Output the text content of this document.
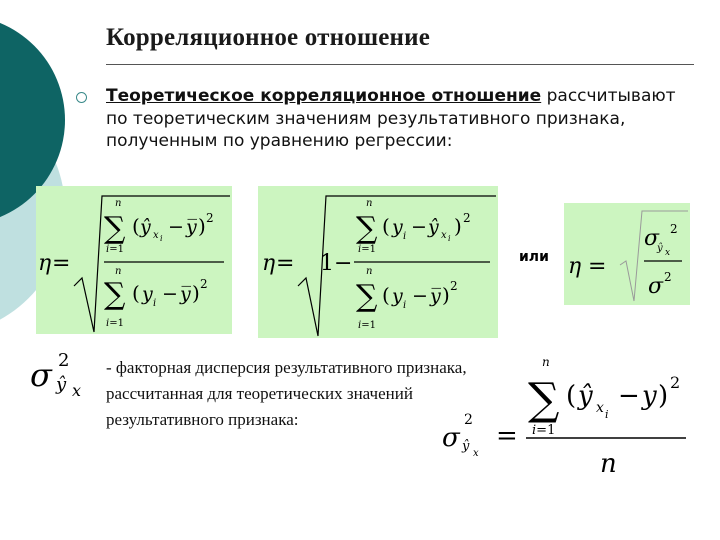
Корреляционное отношение
Теоретическое корреляционное отношение рассчитывают по теоретическим значениям результативного признака, полученным по уравнению регрессии:
η =
n
∑
i=1
( ŷ x i
− y̅ ) 2
n
∑
i=1
( y i − y̅ ) 2
η = 1 −
n
∑
i=1
( y i − ŷ x i
) 2
n
∑
i=1
( y i − y̅ ) 2
или η =
σ
ŷ x
2
σ 2
σ 2
ŷ x
- факторная дисперсия результативного признака, рассчитанная для теоретических значений результативного признака:
σ
2
ŷ x
=
n
∑
i=1
( ŷ x i
− y ) 2
n
